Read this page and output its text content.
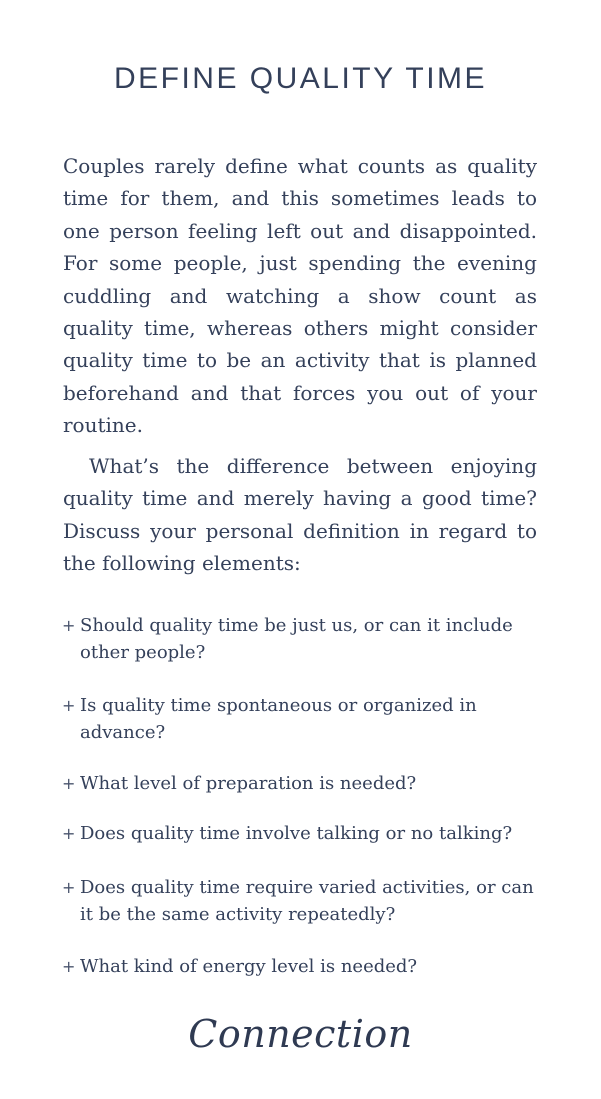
DEFINE QUALITY TIME

Couples rarely define what counts as quality time for them, and this sometimes leads to one person feeling left out and disappointed. For some people, just spending the evening cuddling and watching a show count as quality time, whereas others might consider quality time to be an activity that is planned beforehand and that forces you out of your routine.

What’s the difference between enjoying quality time and merely having a good time? Discuss your personal definition in regard to the following elements:

+ Should quality time be just us, or can it include other people?
+ Is quality time spontaneous or organized in advance?
+ What level of preparation is needed?
+ Does quality time involve talking or no talking?
+ Does quality time require varied activities, or can it be the same activity repeatedly?
+ What kind of energy level is needed?
Connection
